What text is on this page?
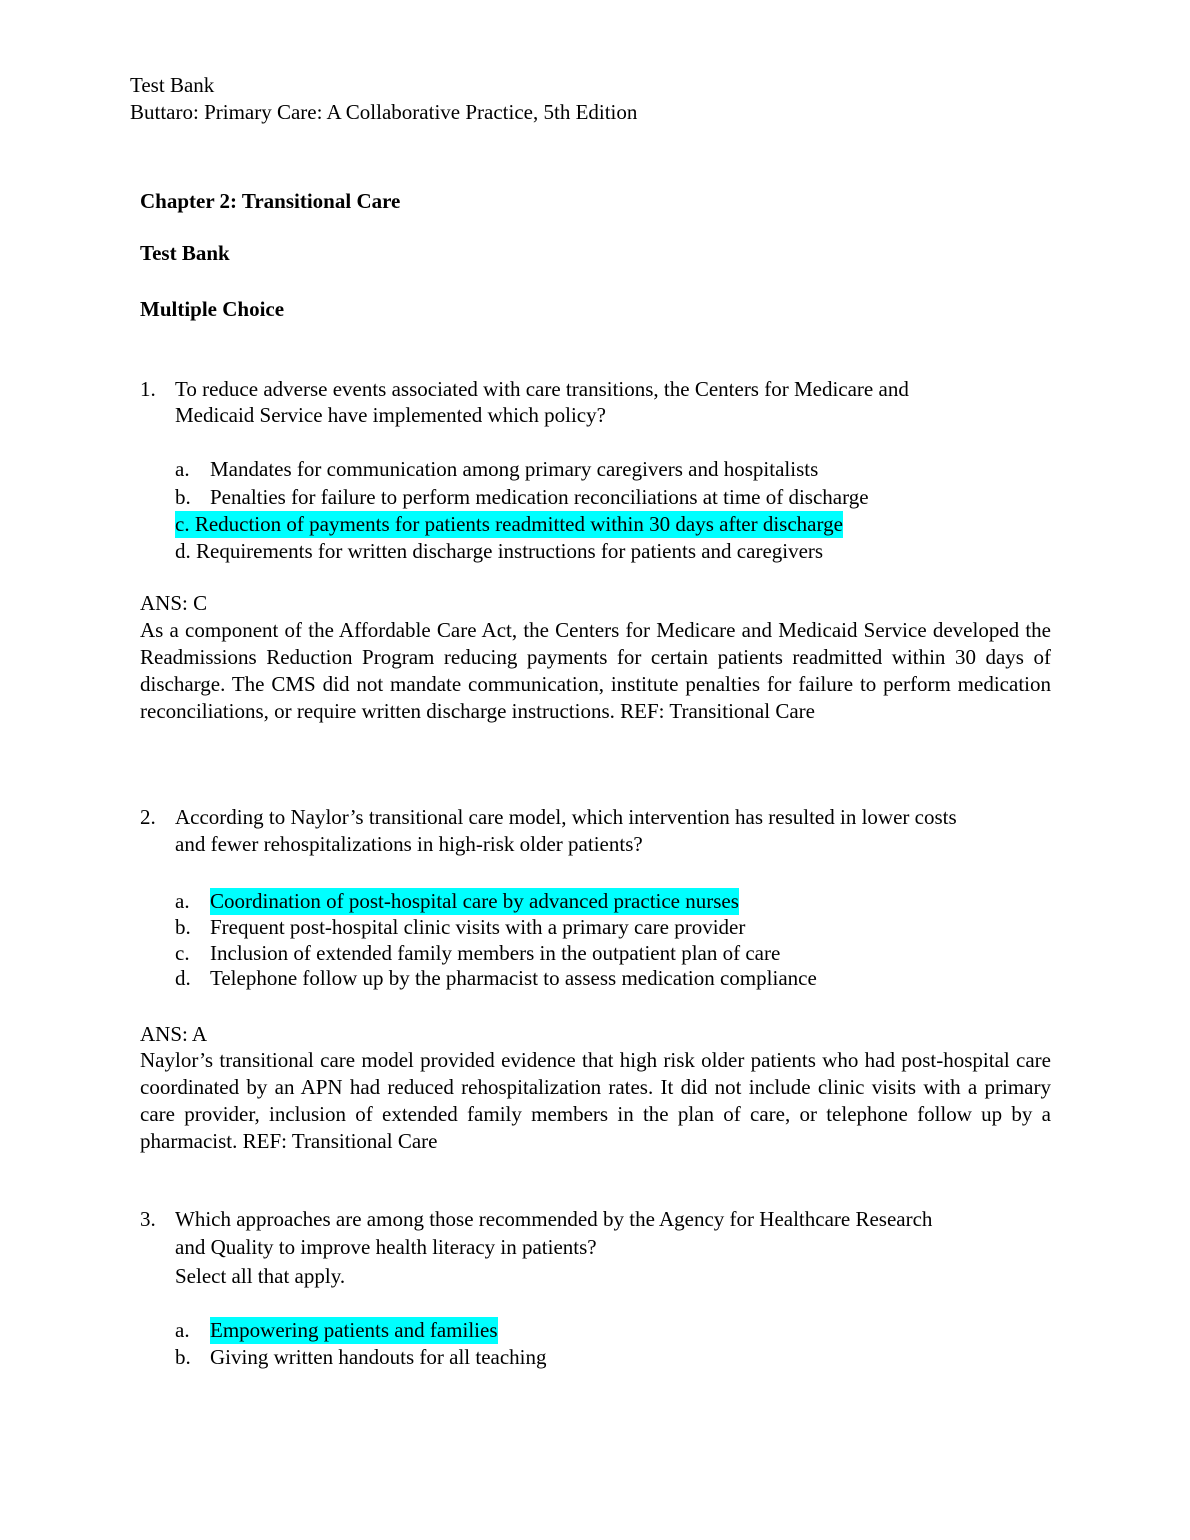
Test Bank
Buttaro: Primary Care: A Collaborative Practice, 5th Edition
Chapter 2: Transitional Care
Test Bank
Multiple Choice
1. To reduce adverse events associated with care transitions, the Centers for Medicare and
Medicaid Service have implemented which policy?
a. Mandates for communication among primary caregivers and hospitalists
b. Penalties for failure to perform medication reconciliations at time of discharge
c. Reduction of payments for patients readmitted within 30 days after discharge
d. Requirements for written discharge instructions for patients and caregivers
ANS: C
As a component of the Affordable Care Act, the Centers for Medicare and Medicaid Service developed the Readmissions Reduction Program reducing payments for certain patients readmitted within 30 days of discharge. The CMS did not mandate communication, institute penalties for failure to perform medication reconciliations, or require written discharge instructions. REF: Transitional Care
2. According to Naylor’s transitional care model, which intervention has resulted in lower costs
and fewer rehospitalizations in high-risk older patients?
a. Coordination of post-hospital care by advanced practice nurses
b. Frequent post-hospital clinic visits with a primary care provider
c. Inclusion of extended family members in the outpatient plan of care
d. Telephone follow up by the pharmacist to assess medication compliance
ANS: A
Naylor’s transitional care model provided evidence that high risk older patients who had post-hospital care coordinated by an APN had reduced rehospitalization rates. It did not include clinic visits with a primary care provider, inclusion of extended family members in the plan of care, or telephone follow up by a pharmacist. REF: Transitional Care
3. Which approaches are among those recommended by the Agency for Healthcare Research
and Quality to improve health literacy in patients?
Select all that apply.
a. Empowering patients and families
b. Giving written handouts for all teaching
